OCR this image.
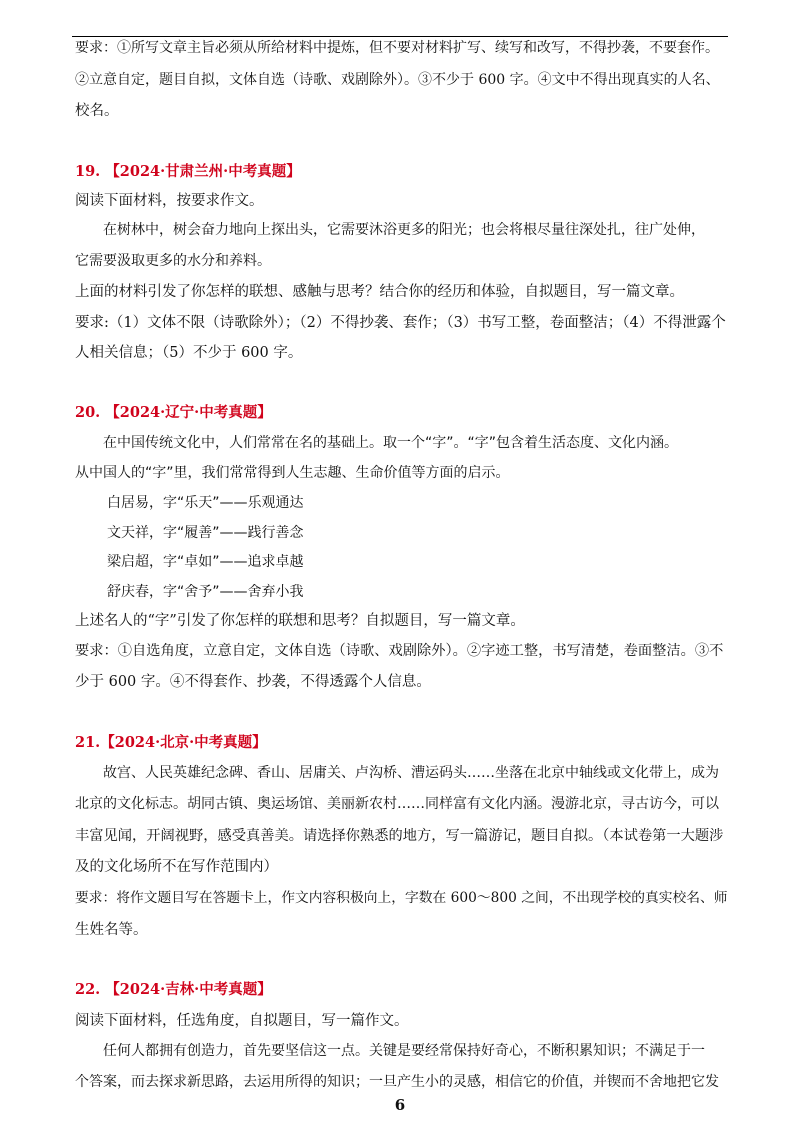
要求：①所写文章主旨必须从所给材料中提炼，但不要对材料扩写、续写和改写，不得抄袭，不要套作。
②立意自定，题目自拟，文体自选（诗歌、戏剧除外）。③不少于 600 字。④文中不得出现真实的人名、
校名。
19. 【2024·甘肃兰州·中考真题】
阅读下面材料，按要求作文。
在树林中，树会奋力地向上探出头，它需要沐浴更多的阳光；也会将根尽量往深处扎，往广处伸，
它需要汲取更多的水分和养料。
上面的材料引发了你怎样的联想、感触与思考？结合你的经历和体验，自拟题目，写一篇文章。
要求:（1）文体不限（诗歌除外）；（2）不得抄袭、套作；（3）书写工整，卷面整洁；（4）不得泄露个
人相关信息；（5）不少于 600 字。
20. 【2024·辽宁·中考真题】
在中国传统文化中，人们常常在名的基础上。取一个“字”。“字”包含着生活态度、文化内涵。
从中国人的“字”里，我们常常得到人生志趣、生命价值等方面的启示。
白居易，字“乐天”——乐观通达
文天祥，字“履善”——践行善念
梁启超，字“卓如”——追求卓越
舒庆春，字“舍予”——舍弃小我
上述名人的“字”引发了你怎样的联想和思考？自拟题目，写一篇文章。
要求：①自选角度，立意自定，文体自选（诗歌、戏剧除外）。②字迹工整，书写清楚，卷面整洁。③不
少于 600 字。④不得套作、抄袭，不得透露个人信息。
21.【2024·北京·中考真题】
故宫、人民英雄纪念碑、香山、居庸关、卢沟桥、漕运码头……坐落在北京中轴线或文化带上，成为
北京的文化标志。胡同古镇、奥运场馆、美丽新农村……同样富有文化内涵。漫游北京，寻古访今，可以
丰富见闻，开阔视野，感受真善美。请选择你熟悉的地方，写一篇游记，题目自拟。（本试卷第一大题涉
及的文化场所不在写作范围内）
要求：将作文题目写在答题卡上，作文内容积极向上，字数在 600～800 之间，不出现学校的真实校名、师
生姓名等。
22. 【2024·吉林·中考真题】
阅读下面材料，任选角度，自拟题目，写一篇作文。
任何人都拥有创造力，首先要坚信这一点。关键是要经常保持好奇心，不断积累知识；不满足于一
个答案，而去探求新思路，去运用所得的知识；一旦产生小的灵感，相信它的价值，并锲而不舍地把它发
6
